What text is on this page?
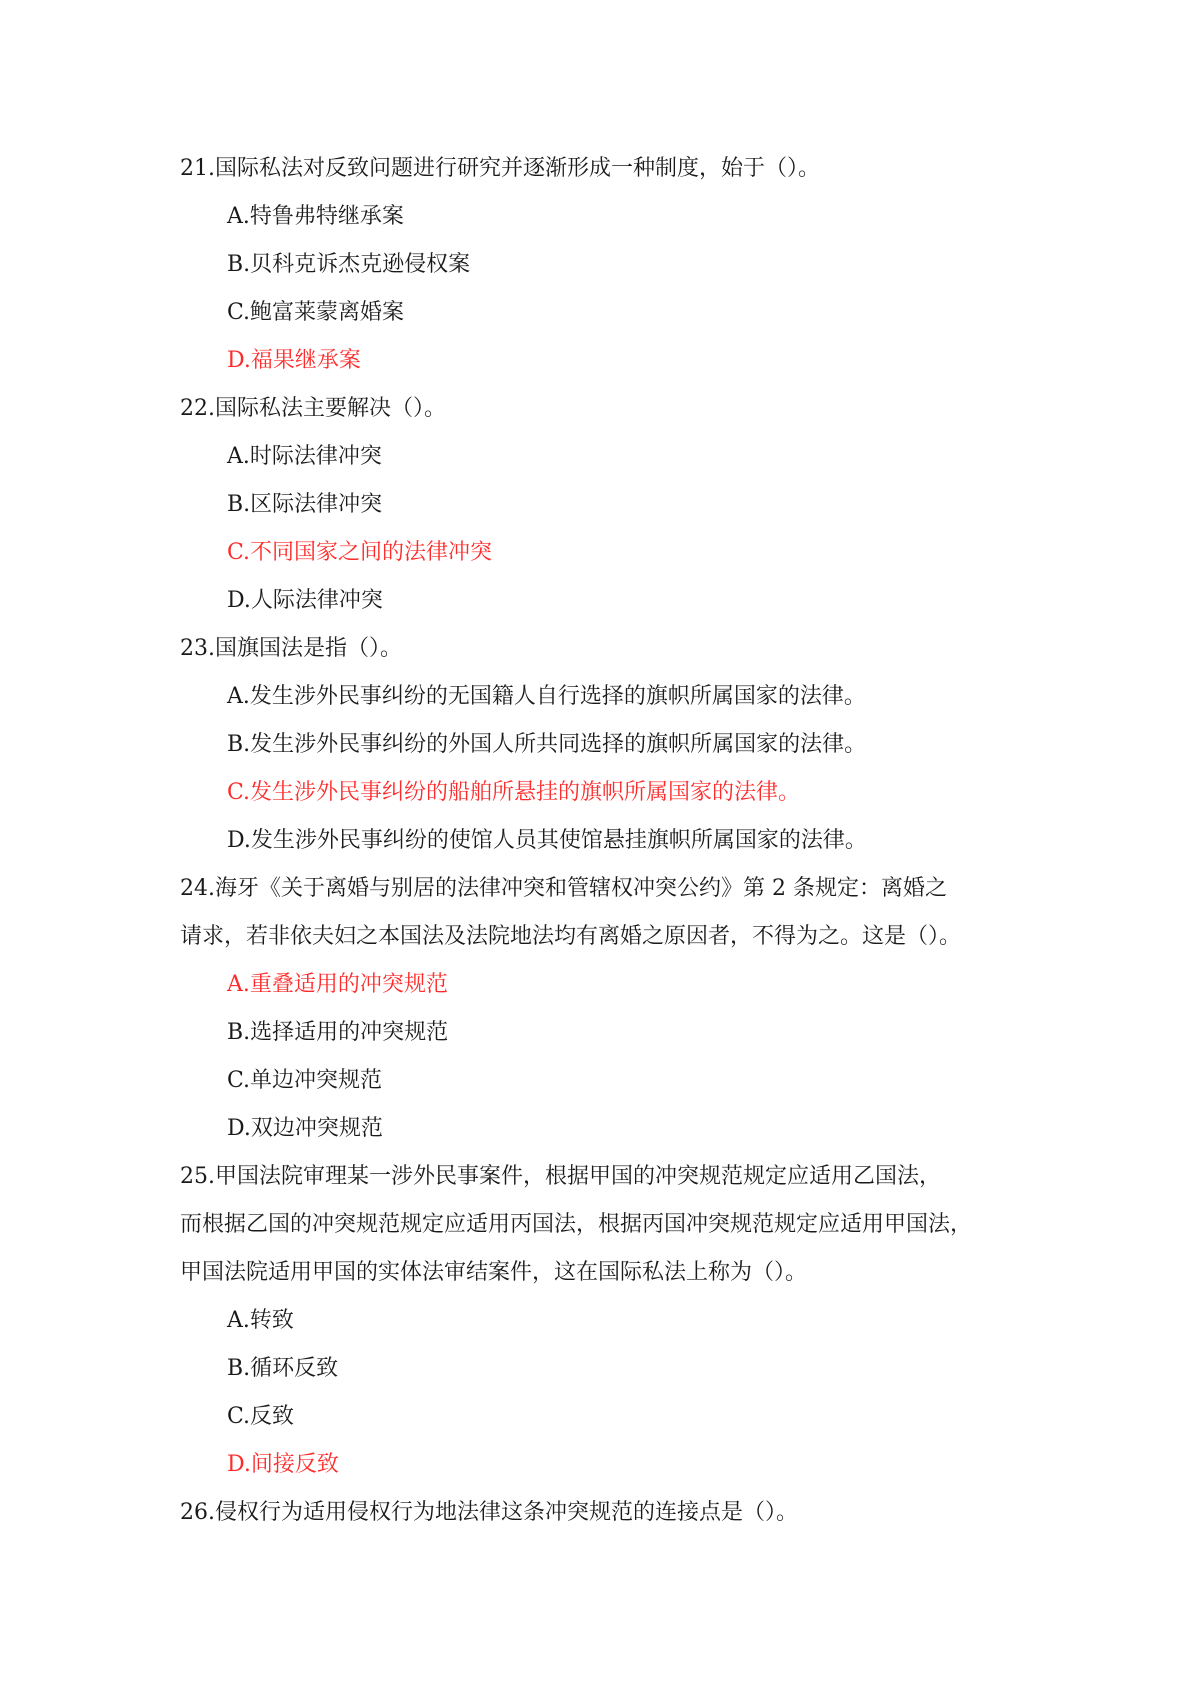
21.国际私法对反致问题进行研究并逐渐形成一种制度，始于（）。
A.特鲁弗特继承案
B.贝科克诉杰克逊侵权案
C.鲍富莱蒙离婚案
D.福果继承案
22.国际私法主要解决（）。
A.时际法律冲突
B.区际法律冲突
C.不同国家之间的法律冲突
D.人际法律冲突
23.国旗国法是指（）。
A.发生涉外民事纠纷的无国籍人自行选择的旗帜所属国家的法律。
B.发生涉外民事纠纷的外国人所共同选择的旗帜所属国家的法律。
C.发生涉外民事纠纷的船舶所悬挂的旗帜所属国家的法律。
D.发生涉外民事纠纷的使馆人员其使馆悬挂旗帜所属国家的法律。
24.海牙《关于离婚与别居的法律冲突和管辖权冲突公约》第 2 条规定：离婚之
请求，若非依夫妇之本国法及法院地法均有离婚之原因者，不得为之。这是（）。
A.重叠适用的冲突规范
B.选择适用的冲突规范
C.单边冲突规范
D.双边冲突规范
25.甲国法院审理某一涉外民事案件，根据甲国的冲突规范规定应适用乙国法，
而根据乙国的冲突规范规定应适用丙国法，根据丙国冲突规范规定应适用甲国法，
甲国法院适用甲国的实体法审结案件，这在国际私法上称为（）。
A.转致
B.循环反致
C.反致
D.间接反致
26.侵权行为适用侵权行为地法律这条冲突规范的连接点是（）。
